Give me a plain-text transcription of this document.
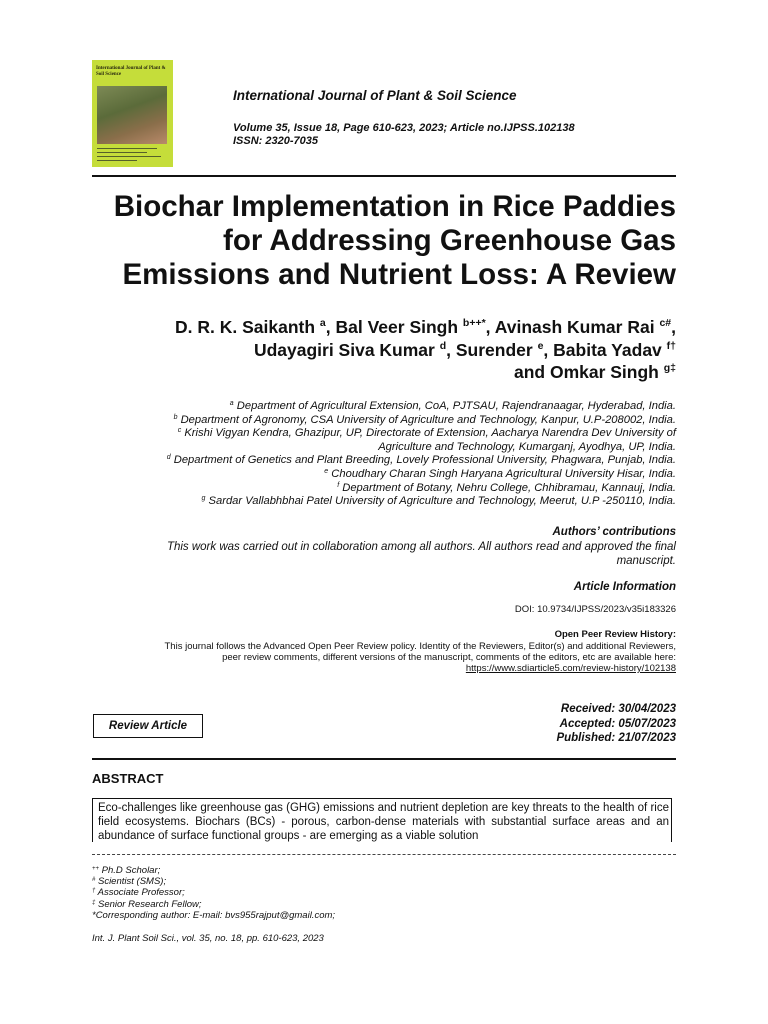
International Journal of Plant & Soil Science
International Journal of Plant & Soil Science
Volume 35, Issue 18, Page 610-623, 2023; Article no.IJPSS.102138
ISSN: 2320-7035
Biochar Implementation in Rice Paddies
for Addressing Greenhouse Gas
Emissions and Nutrient Loss: A Review
D. R. K. Saikanth $^a$, Bal Veer Singh $^{b++*}$, Avinash Kumar Rai $^{c\#}$,
Udayagiri Siva Kumar $^d$, Surender $^e$, Babita Yadav $^{f\dagger}$
and Omkar Singh $^{g\ddagger}$
$^a$ Department of Agricultural Extension, CoA, PJTSAU, Rajendranaagar, Hyderabad, India.
$^b$ Department of Agronomy, CSA University of Agriculture and Technology, Kanpur, U.P-208002, India.
$^c$ Krishi Vigyan Kendra, Ghazipur, UP, Directorate of Extension, Aacharya Narendra Dev University of
Agriculture and Technology, Kumarganj, Ayodhya, UP, India.
$^d$ Department of Genetics and Plant Breeding, Lovely Professional University, Phagwara, Punjab, India.
$^e$ Choudhary Charan Singh Haryana Agricultural University Hisar, India.
$^f$ Department of Botany, Nehru College, Chhibramau, Kannauj, India.
$^g$ Sardar Vallabhbhai Patel University of Agriculture and Technology, Meerut, U.P -250110, India.
Authors’ contributions
This work was carried out in collaboration among all authors. All authors read and approved the final
manuscript.
Article Information
DOI: 10.9734/IJPSS/2023/v35i183326
Open Peer Review History:
This journal follows the Advanced Open Peer Review policy. Identity of the Reviewers, Editor(s) and additional Reviewers,
peer review comments, different versions of the manuscript, comments of the editors, etc are available here:
https://www.sdiarticle5.com/review-history/102138
Review Article
Received: 30/04/2023
Accepted: 05/07/2023
Published: 21/07/2023
ABSTRACT
Eco-challenges like greenhouse gas (GHG) emissions and nutrient depletion are key threats to the health of rice field ecosystems. Biochars (BCs) - porous, carbon-dense materials with substantial surface areas and an abundance of surface functional groups - are emerging as a viable solution
++ Ph.D Scholar;
# Scientist (SMS);
† Associate Professor;
‡ Senior Research Fellow;
*Corresponding author: E-mail: bvs955rajput@gmail.com;
Int. J. Plant Soil Sci., vol. 35, no. 18, pp. 610-623, 2023
